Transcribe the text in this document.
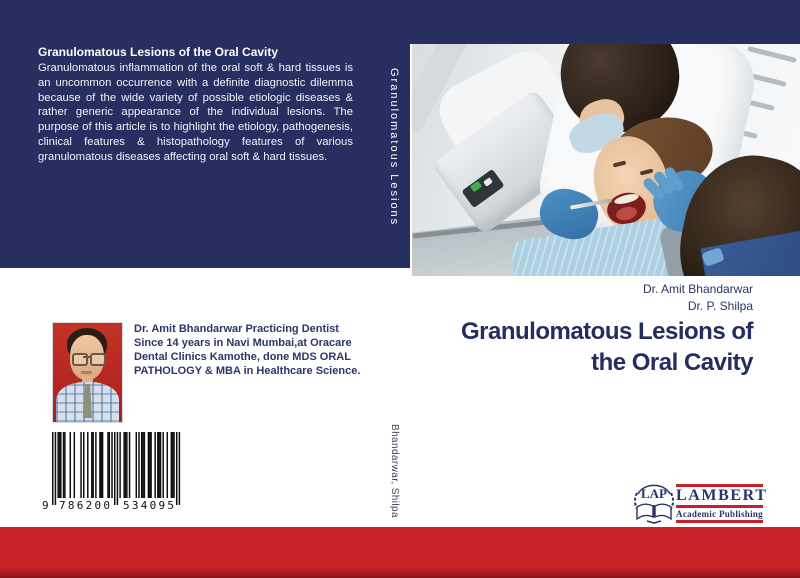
Granulomatous Lesions of the Oral Cavity
Granulomatous inflammation of the oral soft & hard tissues is an uncommon occurrence with a definite diagnostic dilemma because of the wide variety of possible etiologic diseases & rather generic appearance of the individual lesions. The purpose of this article is to highlight the etiology, pathogenesis, clinical features & histopathology features of various granulomatous diseases affecting oral soft & hard tissues.	Granulomatous Lesions
Bhandarwar, Shilpa
Dr. Amit Bhandarwar
Dr. P. Shilpa
Granulomatous Lesions of
the Oral Cavity
Dr. Amit Bhandarwar Practicing Dentist Since 14 years in Navi Mumbai,at Oracare Dental Clinics Kamothe, done MDS ORAL PATHOLOGY & MBA in Healthcare Science.
9 786200 534095
LAP LAMBERT
Academic Publishing
